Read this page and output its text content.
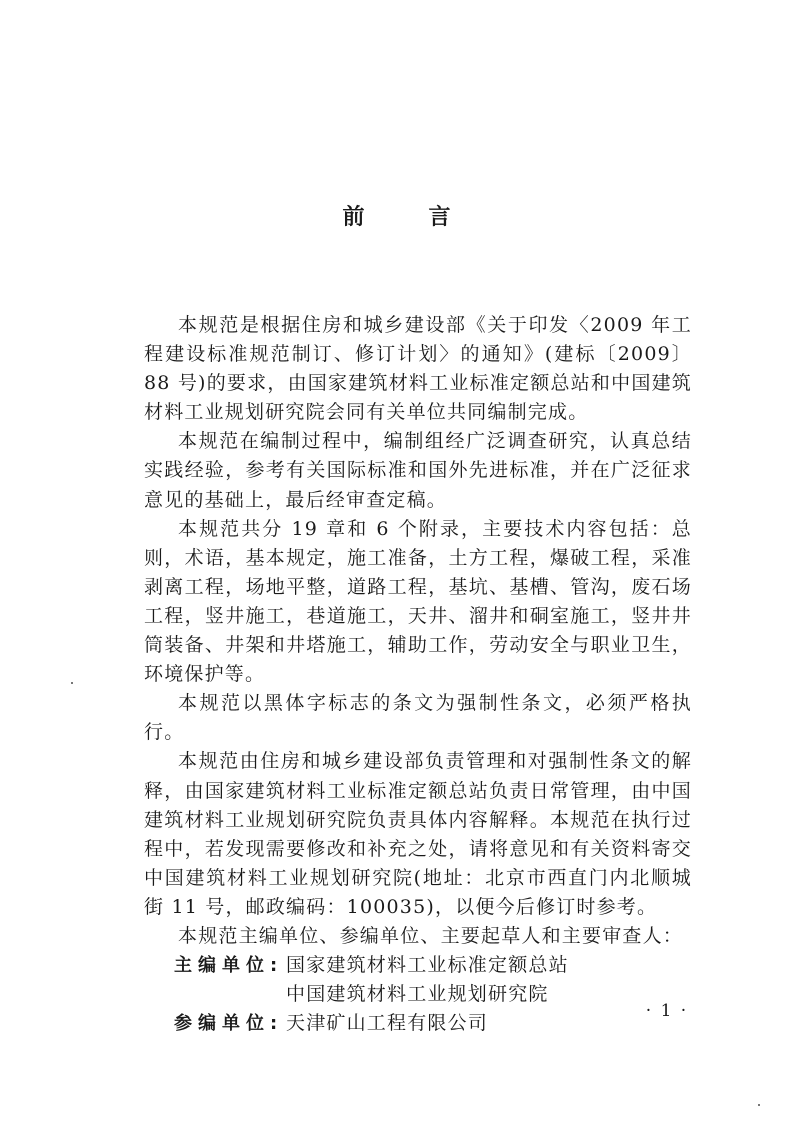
前	言

本规范是根据住房和城乡建设部《关于印发〈2009 年工程建设标准规范制订、修订计划〉的通知》(建标〔2009〕88 号)的要求，由国家建筑材料工业标准定额总站和中国建筑材料工业规划研究院会同有关单位共同编制完成。

本规范在编制过程中，编制组经广泛调查研究，认真总结实践经验，参考有关国际标准和国外先进标准，并在广泛征求意见的基础上，最后经审查定稿。

本规范共分 19 章和 6 个附录，主要技术内容包括：总则，术语，基本规定，施工准备，土方工程，爆破工程，采准剥离工程，场地平整，道路工程，基坑、基槽、管沟，废石场工程，竖井施工，巷道施工，天井、溜井和硐室施工，竖井井筒装备、井架和井塔施工，辅助工作，劳动安全与职业卫生，环境保护等。

本规范以黑体字标志的条文为强制性条文，必须严格执行。

本规范由住房和城乡建设部负责管理和对强制性条文的解释，由国家建筑材料工业标准定额总站负责日常管理，由中国建筑材料工业规划研究院负责具体内容解释。本规范在执行过程中，若发现需要修改和补充之处，请将意见和有关资料寄交中国建筑材料工业规划研究院(地址：北京市西直门内北顺城街 11 号，邮政编码：100035)，以便今后修订时参考。

本规范主编单位、参编单位、主要起草人和主要审查人：

主编单位: 国家建筑材料工业标准定额总站
中国建筑材料工业规划研究院
参编单位: 天津矿山工程有限公司
· 1 ·
